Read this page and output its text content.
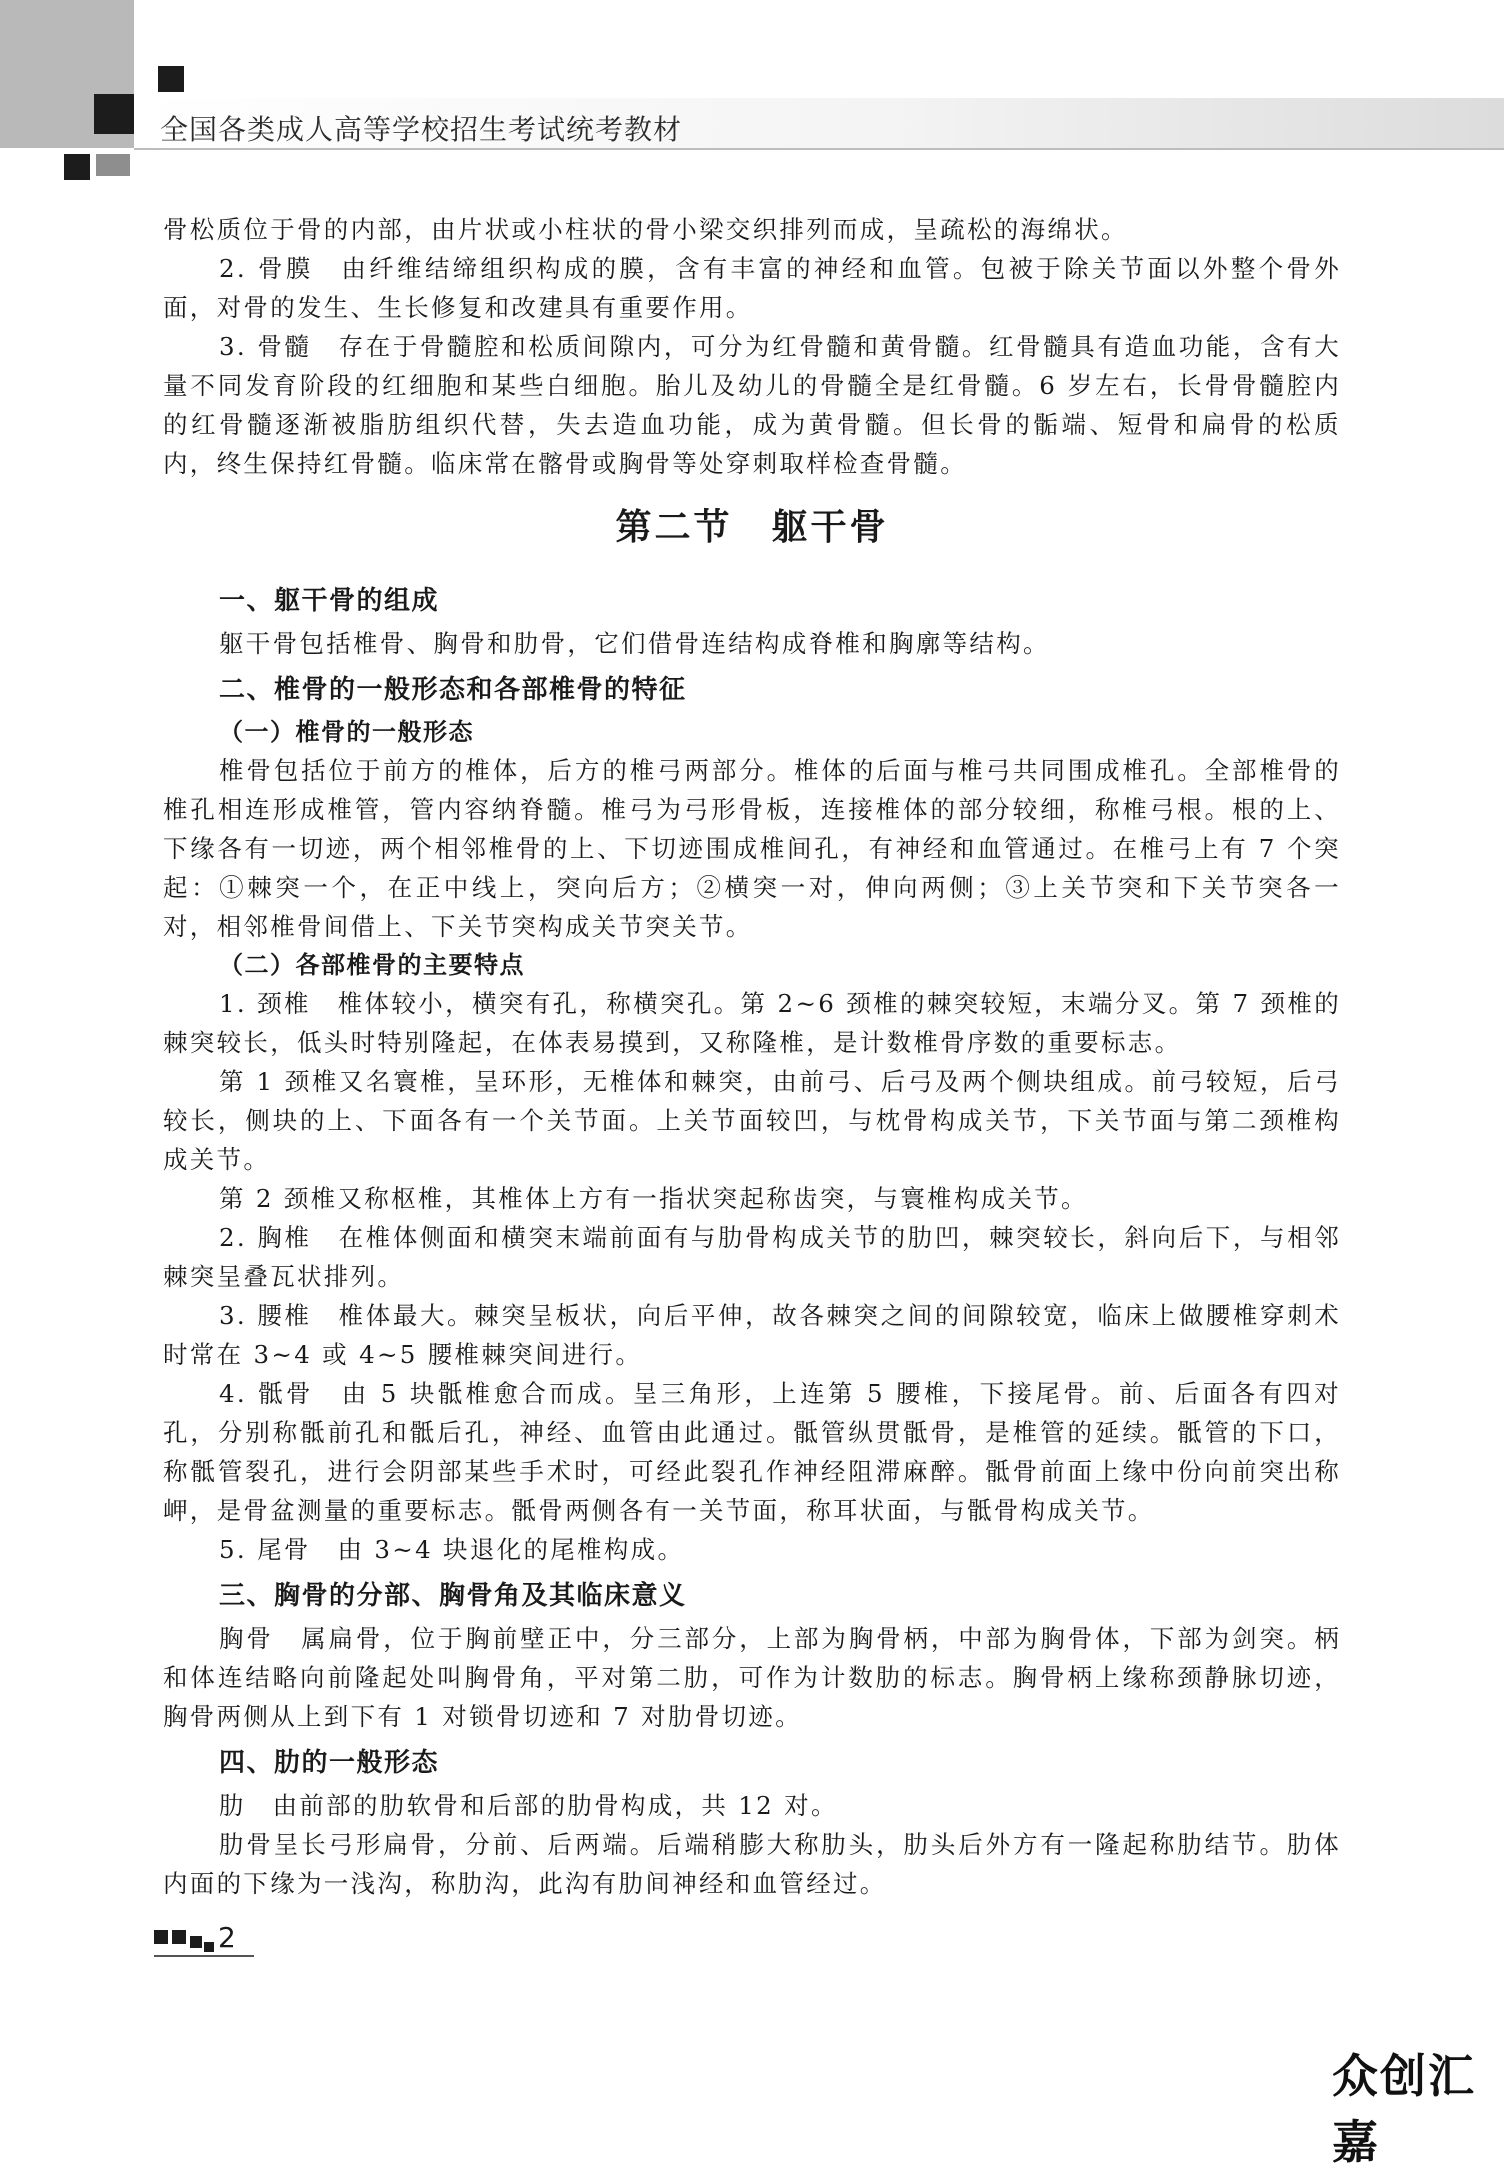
全国各类成人高等学校招生考试统考教材

骨松质位于骨的内部，由片状或小柱状的骨小梁交织排列而成，呈疏松的海绵状。

2. 骨膜　由纤维结缔组织构成的膜，含有丰富的神经和血管。包被于除关节面以外整个骨外面，对骨的发生、生长修复和改建具有重要作用。

3. 骨髓　存在于骨髓腔和松质间隙内，可分为红骨髓和黄骨髓。红骨髓具有造血功能，含有大量不同发育阶段的红细胞和某些白细胞。胎儿及幼儿的骨髓全是红骨髓。6 岁左右，长骨骨髓腔内的红骨髓逐渐被脂肪组织代替，失去造血功能，成为黄骨髓。但长骨的骺端、短骨和扁骨的松质内，终生保持红骨髓。临床常在髂骨或胸骨等处穿刺取样检查骨髓。

第二节　躯干骨
一、躯干骨的组成

躯干骨包括椎骨、胸骨和肋骨，它们借骨连结构成脊椎和胸廓等结构。

二、椎骨的一般形态和各部椎骨的特征
（一）椎骨的一般形态

椎骨包括位于前方的椎体，后方的椎弓两部分。椎体的后面与椎弓共同围成椎孔。全部椎骨的椎孔相连形成椎管，管内容纳脊髓。椎弓为弓形骨板，连接椎体的部分较细，称椎弓根。根的上、下缘各有一切迹，两个相邻椎骨的上、下切迹围成椎间孔，有神经和血管通过。在椎弓上有 7 个突起：①棘突一个，在正中线上，突向后方；②横突一对，伸向两侧；③上关节突和下关节突各一对，相邻椎骨间借上、下关节突构成关节突关节。

（二）各部椎骨的主要特点

1. 颈椎　椎体较小，横突有孔，称横突孔。第 2~6 颈椎的棘突较短，末端分叉。第 7 颈椎的棘突较长，低头时特别隆起，在体表易摸到，又称隆椎，是计数椎骨序数的重要标志。

第 1 颈椎又名寰椎，呈环形，无椎体和棘突，由前弓、后弓及两个侧块组成。前弓较短，后弓较长，侧块的上、下面各有一个关节面。上关节面较凹，与枕骨构成关节，下关节面与第二颈椎构成关节。

第 2 颈椎又称枢椎，其椎体上方有一指状突起称齿突，与寰椎构成关节。

2. 胸椎　在椎体侧面和横突末端前面有与肋骨构成关节的肋凹，棘突较长，斜向后下，与相邻棘突呈叠瓦状排列。

3. 腰椎　椎体最大。棘突呈板状，向后平伸，故各棘突之间的间隙较宽，临床上做腰椎穿刺术时常在 3~4 或 4~5 腰椎棘突间进行。

4. 骶骨　由 5 块骶椎愈合而成。呈三角形，上连第 5 腰椎，下接尾骨。前、后面各有四对孔，分别称骶前孔和骶后孔，神经、血管由此通过。骶管纵贯骶骨，是椎管的延续。骶管的下口，称骶管裂孔，进行会阴部某些手术时，可经此裂孔作神经阻滞麻醉。骶骨前面上缘中份向前突出称岬，是骨盆测量的重要标志。骶骨两侧各有一关节面，称耳状面，与骶骨构成关节。

5. 尾骨　由 3~4 块退化的尾椎构成。

三、胸骨的分部、胸骨角及其临床意义

胸骨　属扁骨，位于胸前壁正中，分三部分，上部为胸骨柄，中部为胸骨体，下部为剑突。柄和体连结略向前隆起处叫胸骨角，平对第二肋，可作为计数肋的标志。胸骨柄上缘称颈静脉切迹，胸骨两侧从上到下有 1 对锁骨切迹和 7 对肋骨切迹。

四、肋的一般形态

肋　由前部的肋软骨和后部的肋骨构成，共 12 对。

肋骨呈长弓形扁骨，分前、后两端。后端稍膨大称肋头，肋头后外方有一隆起称肋结节。肋体内面的下缘为一浅沟，称肋沟，此沟有肋间神经和血管经过。

2
众创汇嘉
